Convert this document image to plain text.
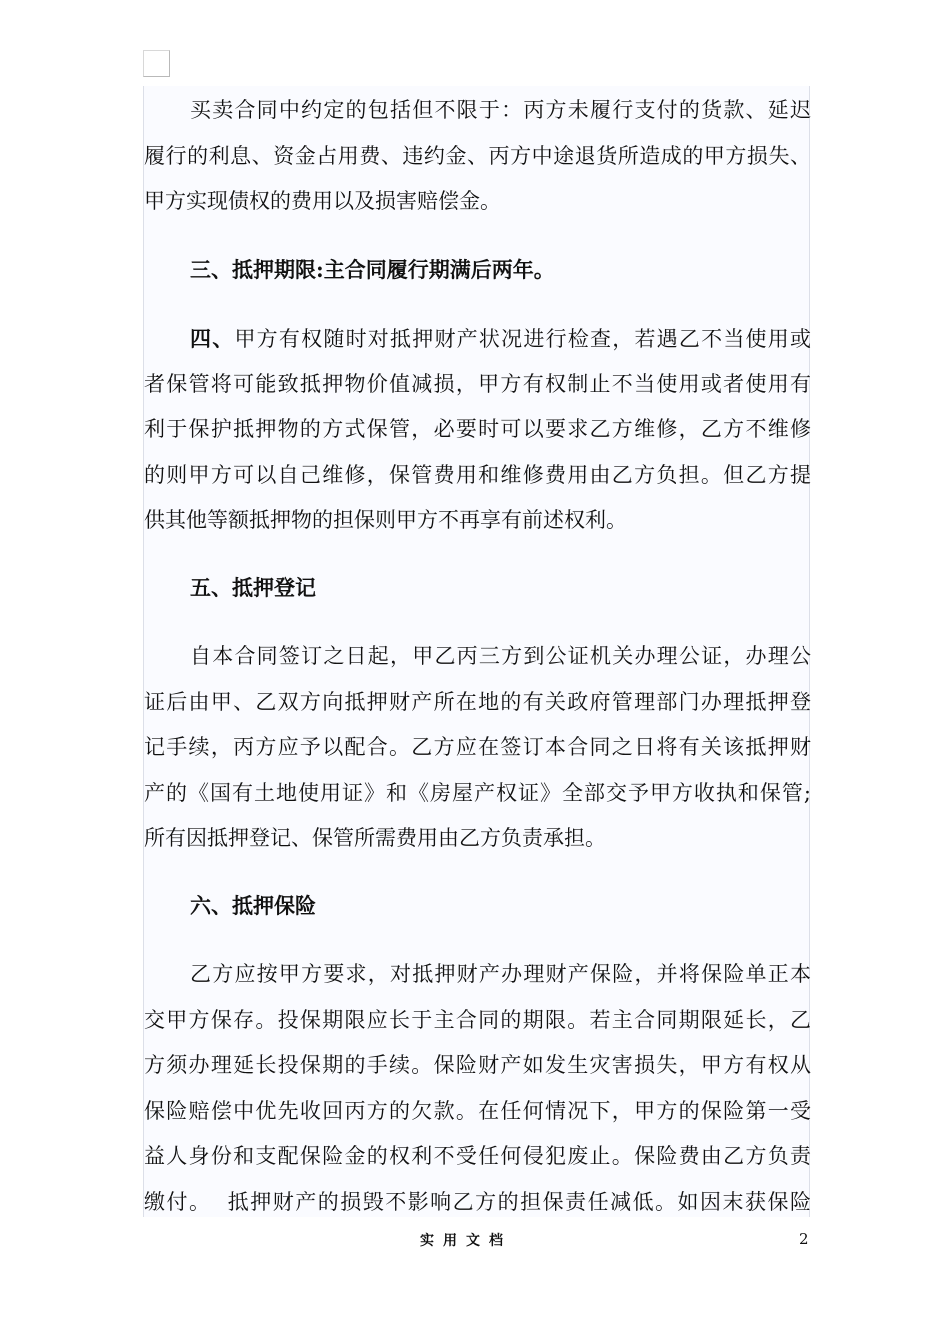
买卖合同中约定的包括但不限于：丙方未履行支付的货款、延迟
履行的利息、资金占用费、违约金、丙方中途退货所造成的甲方损失、
甲方实现债权的费用以及损害赔偿金。
三、抵押期限:主合同履行期满后两年。
四、甲方有权随时对抵押财产状况进行检查，若遇乙不当使用或
者保管将可能致抵押物价值减损，甲方有权制止不当使用或者使用有
利于保护抵押物的方式保管，必要时可以要求乙方维修，乙方不维修
的则甲方可以自己维修，保管费用和维修费用由乙方负担。但乙方提
供其他等额抵押物的担保则甲方不再享有前述权利。
五、抵押登记
自本合同签订之日起，甲乙丙三方到公证机关办理公证，办理公
证后由甲、乙双方向抵押财产所在地的有关政府管理部门办理抵押登
记手续，丙方应予以配合。乙方应在签订本合同之日将有关该抵押财
产的《国有土地使用证》和《房屋产权证》全部交予甲方收执和保管;
所有因抵押登记、保管所需费用由乙方负责承担。
六、抵押保险
乙方应按甲方要求，对抵押财产办理财产保险，并将保险单正本
交甲方保存。投保期限应长于主合同的期限。若主合同期限延长，乙
方须办理延长投保期的手续。保险财产如发生灾害损失，甲方有权从
保险赔偿中优先收回丙方的欠款。在任何情况下，甲方的保险第一受
益人身份和支配保险金的权利不受任何侵犯废止。保险费由乙方负责
缴付。  抵押财产的损毁不影响乙方的担保责任减低。如因末获保险
实用文档	2
